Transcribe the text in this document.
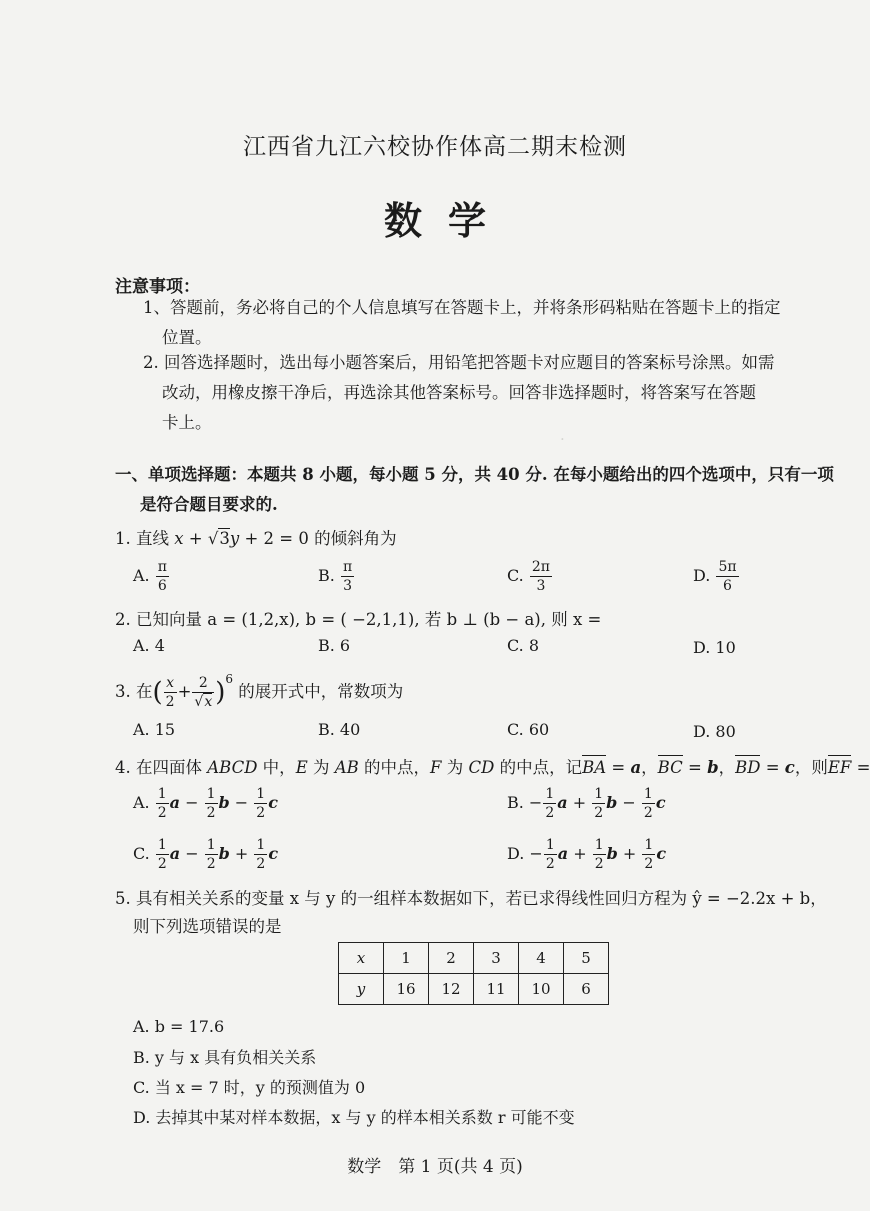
·
江西省九江六校协作体高二期末检测
数学
注意事项：
1、答题前，务必将自己的个人信息填写在答题卡上，并将条形码粘贴在答题卡上的指定
位置。
2. 回答选择题时，选出每小题答案后，用铅笔把答题卡对应题目的答案标号涂黑。如需
改动，用橡皮擦干净后，再选涂其他答案标号。回答非选择题时，将答案写在答题
卡上。
一、单项选择题：本题共 8 小题，每小题 5 分，共 40 分. 在每小题给出的四个选项中，只有一项
是符合题目要求的.
1. 直线 x + √3y + 2 = 0 的倾斜角为
A. $\frac{\pi}{6}$	B. $\frac{\pi}{3}$	C. $\frac{2\pi}{3}$	D. $\frac{5\pi}{6}$
2. 已知向量 a = (1,2,x), b = ( −2,1,1), 若 b ⊥ (b − a), 则 x =
A. 4	B. 6	C. 8	D. 10
3. 在( $\frac{x}{2} + \frac{2}{√x} )^6$ 的展开式中，常数项为
A. 15	B. 40	C. 60	D. 80
4. 在四面体 ABCD 中，E 为 AB 的中点，F 为 CD 的中点，记BA = a，BC = b，BD = c，则EF =
A. $\frac{1}{2}$ $a - \frac{1}{2}$ $b - \frac{1}{2}$ c	B. − $\frac{1}{2}$ $a + \frac{1}{2}$ $b - \frac{1}{2}$ c
C. $\frac{1}{2}$ $a - \frac{1}{2}$ $b + \frac{1}{2}$ c	D. − $\frac{1}{2}$ $a + \frac{1}{2}$ $b + \frac{1}{2}$ c
5. 具有相关关系的变量 x 与 y 的一组样本数据如下，若已求得线性回归方程为 ŷ = −2.2x + b，
则下列选项错误的是
x	1	2	3	4	5
y	16	12	11	10	6
A. b = 17.6
B. y 与 x 具有负相关关系
C. 当 x = 7 时，y 的预测值为 0
D. 去掉其中某对样本数据，x 与 y 的样本相关系数 r 可能不变
数学　第 1 页(共 4 页)
